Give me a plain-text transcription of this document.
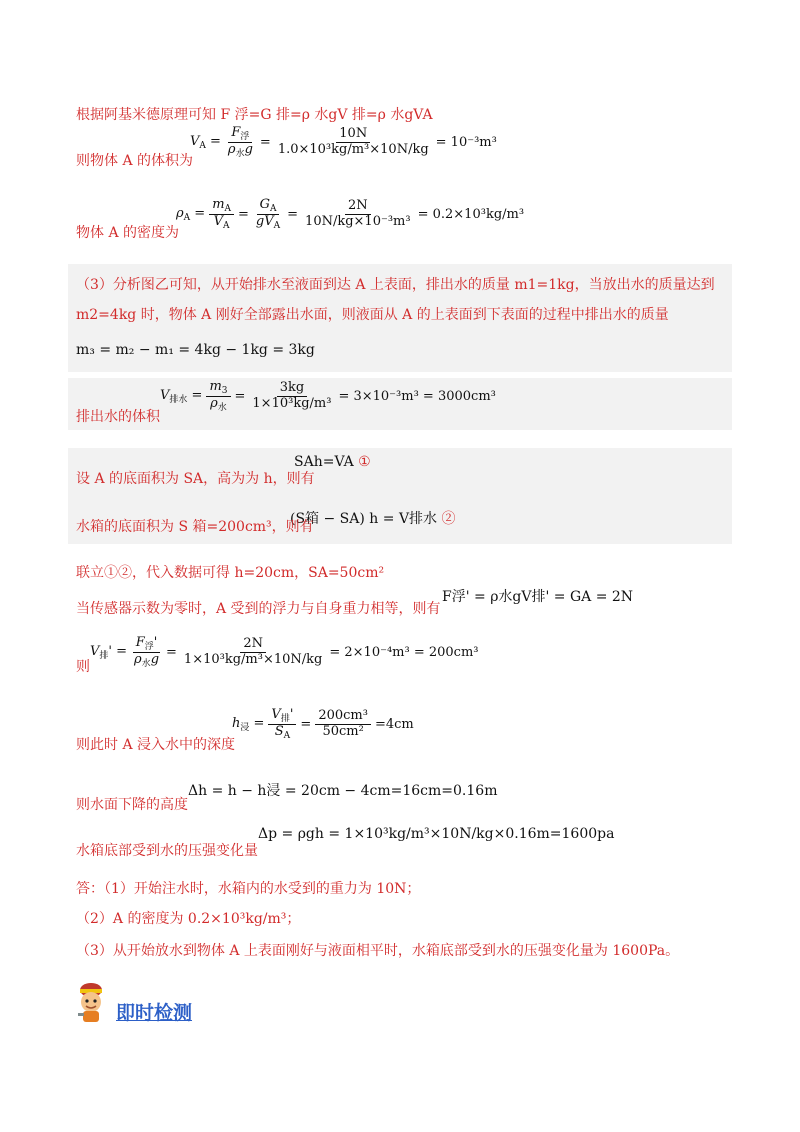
根据阿基米德原理可知 F 浮=G 排=ρ 水gV 排=ρ 水gVA
$V_A = \frac{F_浮}{\rho_水g} = \frac{10N}{\text{1.0×10³kg/m³×10N/kg}} = 10^{-3}m^3$
则物体 A 的体积为
$\rho_A = \frac{m_A}{V_A} = \frac{G_A}{gV_A} = \frac{2N}{\text{10N/kg×10⁻³m³}} = 0.2\times 10^3kg/m^3$
物体 A 的密度为
（3）分析图乙可知，从开始排水至液面到达 A 上表面，排出水的质量 m1=1kg，当放出水的质量达到
m2=4kg 时，物体 A 刚好全部露出水面，则液面从 A 的上表面到下表面的过程中排出水的质量
m₃ = m₂ − m₁ = 4kg − 1kg = 3kg
$V_{排水} = \frac{m_3}{\rho_水} = \frac{3kg}{\text{1×10³kg/m³}} = 3\times 10^{-3}m^3 = 3000cm^3$
排出水的体积
SAh=VA ①
设 A 的底面积为 SA，高为为 h，则有
(S箱 − SA) h = V排水 ②
水箱的底面积为 S 箱=200cm³，则有
联立①②，代入数据可得 h=20cm，SA=50cm²
当传感器示数为零时，A 受到的浮力与自身重力相等，则有
F浮' = ρ水gV排' = GA = 2N
$V_排' = \frac{F_浮'}{\rho_水g} = \frac{2N}{\text{1×10³kg/m³×10N/kg}} = 2\times 10^{-4}m^3 = 200cm^3$
则
$h_浸 = \frac{V_排'}{S_A} = \frac{\text{200cm³}}{\text{50cm²}} =4cm$
则此时 A 浸入水中的深度
Δh = h − h浸 = 20cm − 4cm=16cm=0.16m
则水面下降的高度
Δp = ρgh = 1×10³kg/m³×10N/kg×0.16m=1600pa
水箱底部受到水的压强变化量
答：（1）开始注水时，水箱内的水受到的重力为 10N；
（2）A 的密度为 0.2×10³kg/m³；
（3）从开始放水到物体 A 上表面刚好与液面相平时，水箱底部受到水的压强变化量为 1600Pa。
即时检测
